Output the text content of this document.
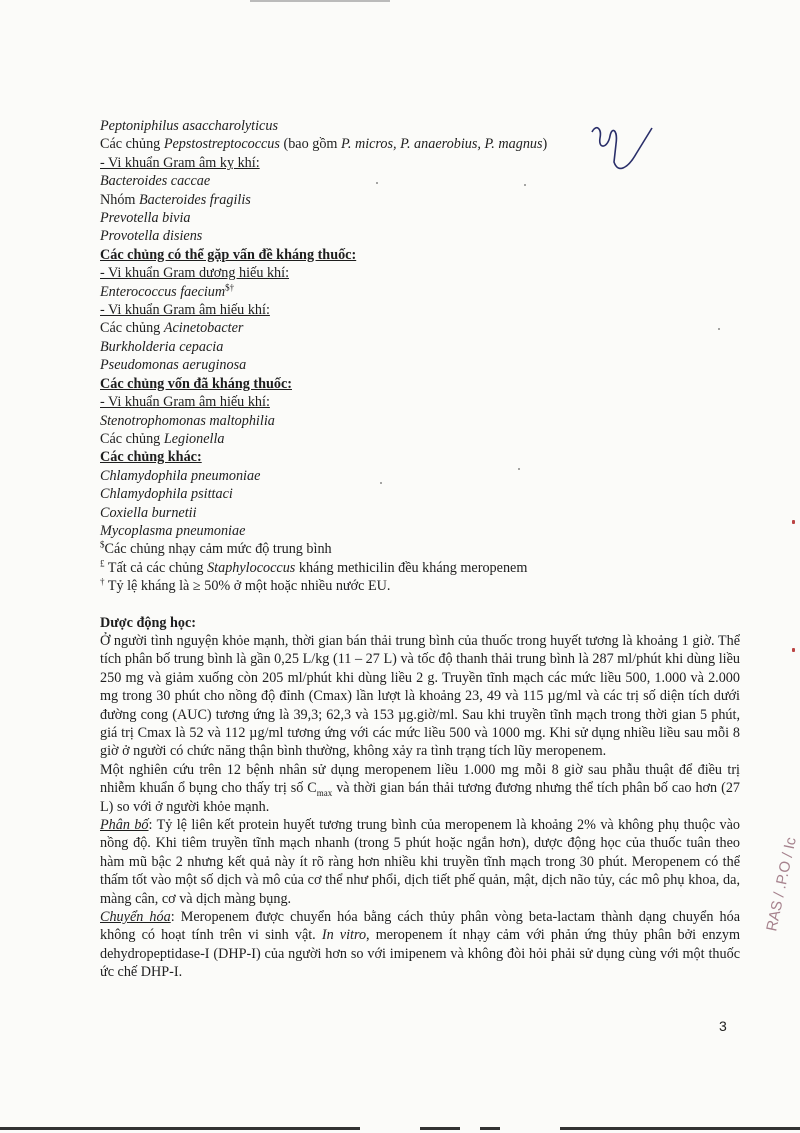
Peptoniphilus asaccharolyticus
Các chủng Pepstostreptococcus (bao gồm P. micros, P. anaerobius, P. magnus)
- Vi khuẩn Gram âm kỵ khí:
Bacteroides caccae
Nhóm Bacteroides fragilis
Prevotella bivia
Provotella disiens
Các chủng có thể gặp vấn đề kháng thuốc:
- Vi khuẩn Gram dương hiếu khí:
Enterococcus faecium$†
- Vi khuẩn Gram âm hiếu khí:
Các chủng Acinetobacter
Burkholderia cepacia
Pseudomonas aeruginosa
Các chủng vốn đã kháng thuốc:
- Vi khuẩn Gram âm hiếu khí:
Stenotrophomonas maltophilia
Các chủng Legionella
Các chủng khác:
Chlamydophila pneumoniae
Chlamydophila psittaci
Coxiella burnetii
Mycoplasma pneumoniae
$Các chủng nhạy cảm mức độ trung bình
£ Tất cả các chủng Staphylococcus kháng methicilin đều kháng meropenem
† Tỷ lệ kháng là ≥ 50% ở một hoặc nhiều nước EU.
Dược động học:
Ở người tình nguyện khỏe mạnh, thời gian bán thải trung bình của thuốc trong huyết tương là khoảng 1 giờ. Thể tích phân bố trung bình là gần 0,25 L/kg (11 – 27 L) và tốc độ thanh thải trung bình là 287 ml/phút khi dùng liều 250 mg và giảm xuống còn 205 ml/phút khi dùng liều 2 g. Truyền tĩnh mạch các mức liều 500, 1.000 và 2.000 mg trong 30 phút cho nồng độ đỉnh (Cmax) lần lượt là khoảng 23, 49 và 115 µg/ml và các trị số diện tích dưới đường cong (AUC) tương ứng là 39,3; 62,3 và 153 µg.giờ/ml. Sau khi truyền tĩnh mạch trong thời gian 5 phút, giá trị Cmax là 52 và 112 µg/ml tương ứng với các mức liều 500 và 1000 mg. Khi sử dụng nhiều liều sau mỗi 8 giờ ở người có chức năng thận bình thường, không xảy ra tình trạng tích lũy meropenem.
Một nghiên cứu trên 12 bệnh nhân sử dụng meropenem liều 1.000 mg mỗi 8 giờ sau phẫu thuật để điều trị nhiễm khuẩn ổ bụng cho thấy trị số $C_{max}$ và thời gian bán thải tương đương nhưng thể tích phân bố cao hơn (27 L) so với ở người khỏe mạnh.
Phân bố: Tỷ lệ liên kết protein huyết tương trung bình của meropenem là khoảng 2% và không phụ thuộc vào nồng độ. Khi tiêm truyền tĩnh mạch nhanh (trong 5 phút hoặc ngắn hơn), dược động học của thuốc tuân theo hàm mũ bậc 2 nhưng kết quả này ít rõ ràng hơn nhiều khi truyền tĩnh mạch trong 30 phút. Meropenem có thể thấm tốt vào một số dịch và mô của cơ thể như phổi, dịch tiết phế quản, mật, dịch não tủy, các mô phụ khoa, da, màng cân, cơ và dịch màng bụng.
Chuyển hóa: Meropenem được chuyển hóa bằng cách thủy phân vòng beta-lactam thành dạng chuyển hóa không có hoạt tính trên vi sinh vật. In vitro, meropenem ít nhạy cảm với phản ứng thủy phân bởi enzym dehydropeptidase-I (DHP-I) của người hơn so với imipenem và không đòi hỏi phải sử dụng cùng với một thuốc ức chế DHP-I.
RAS / .P.O / Ic
3
